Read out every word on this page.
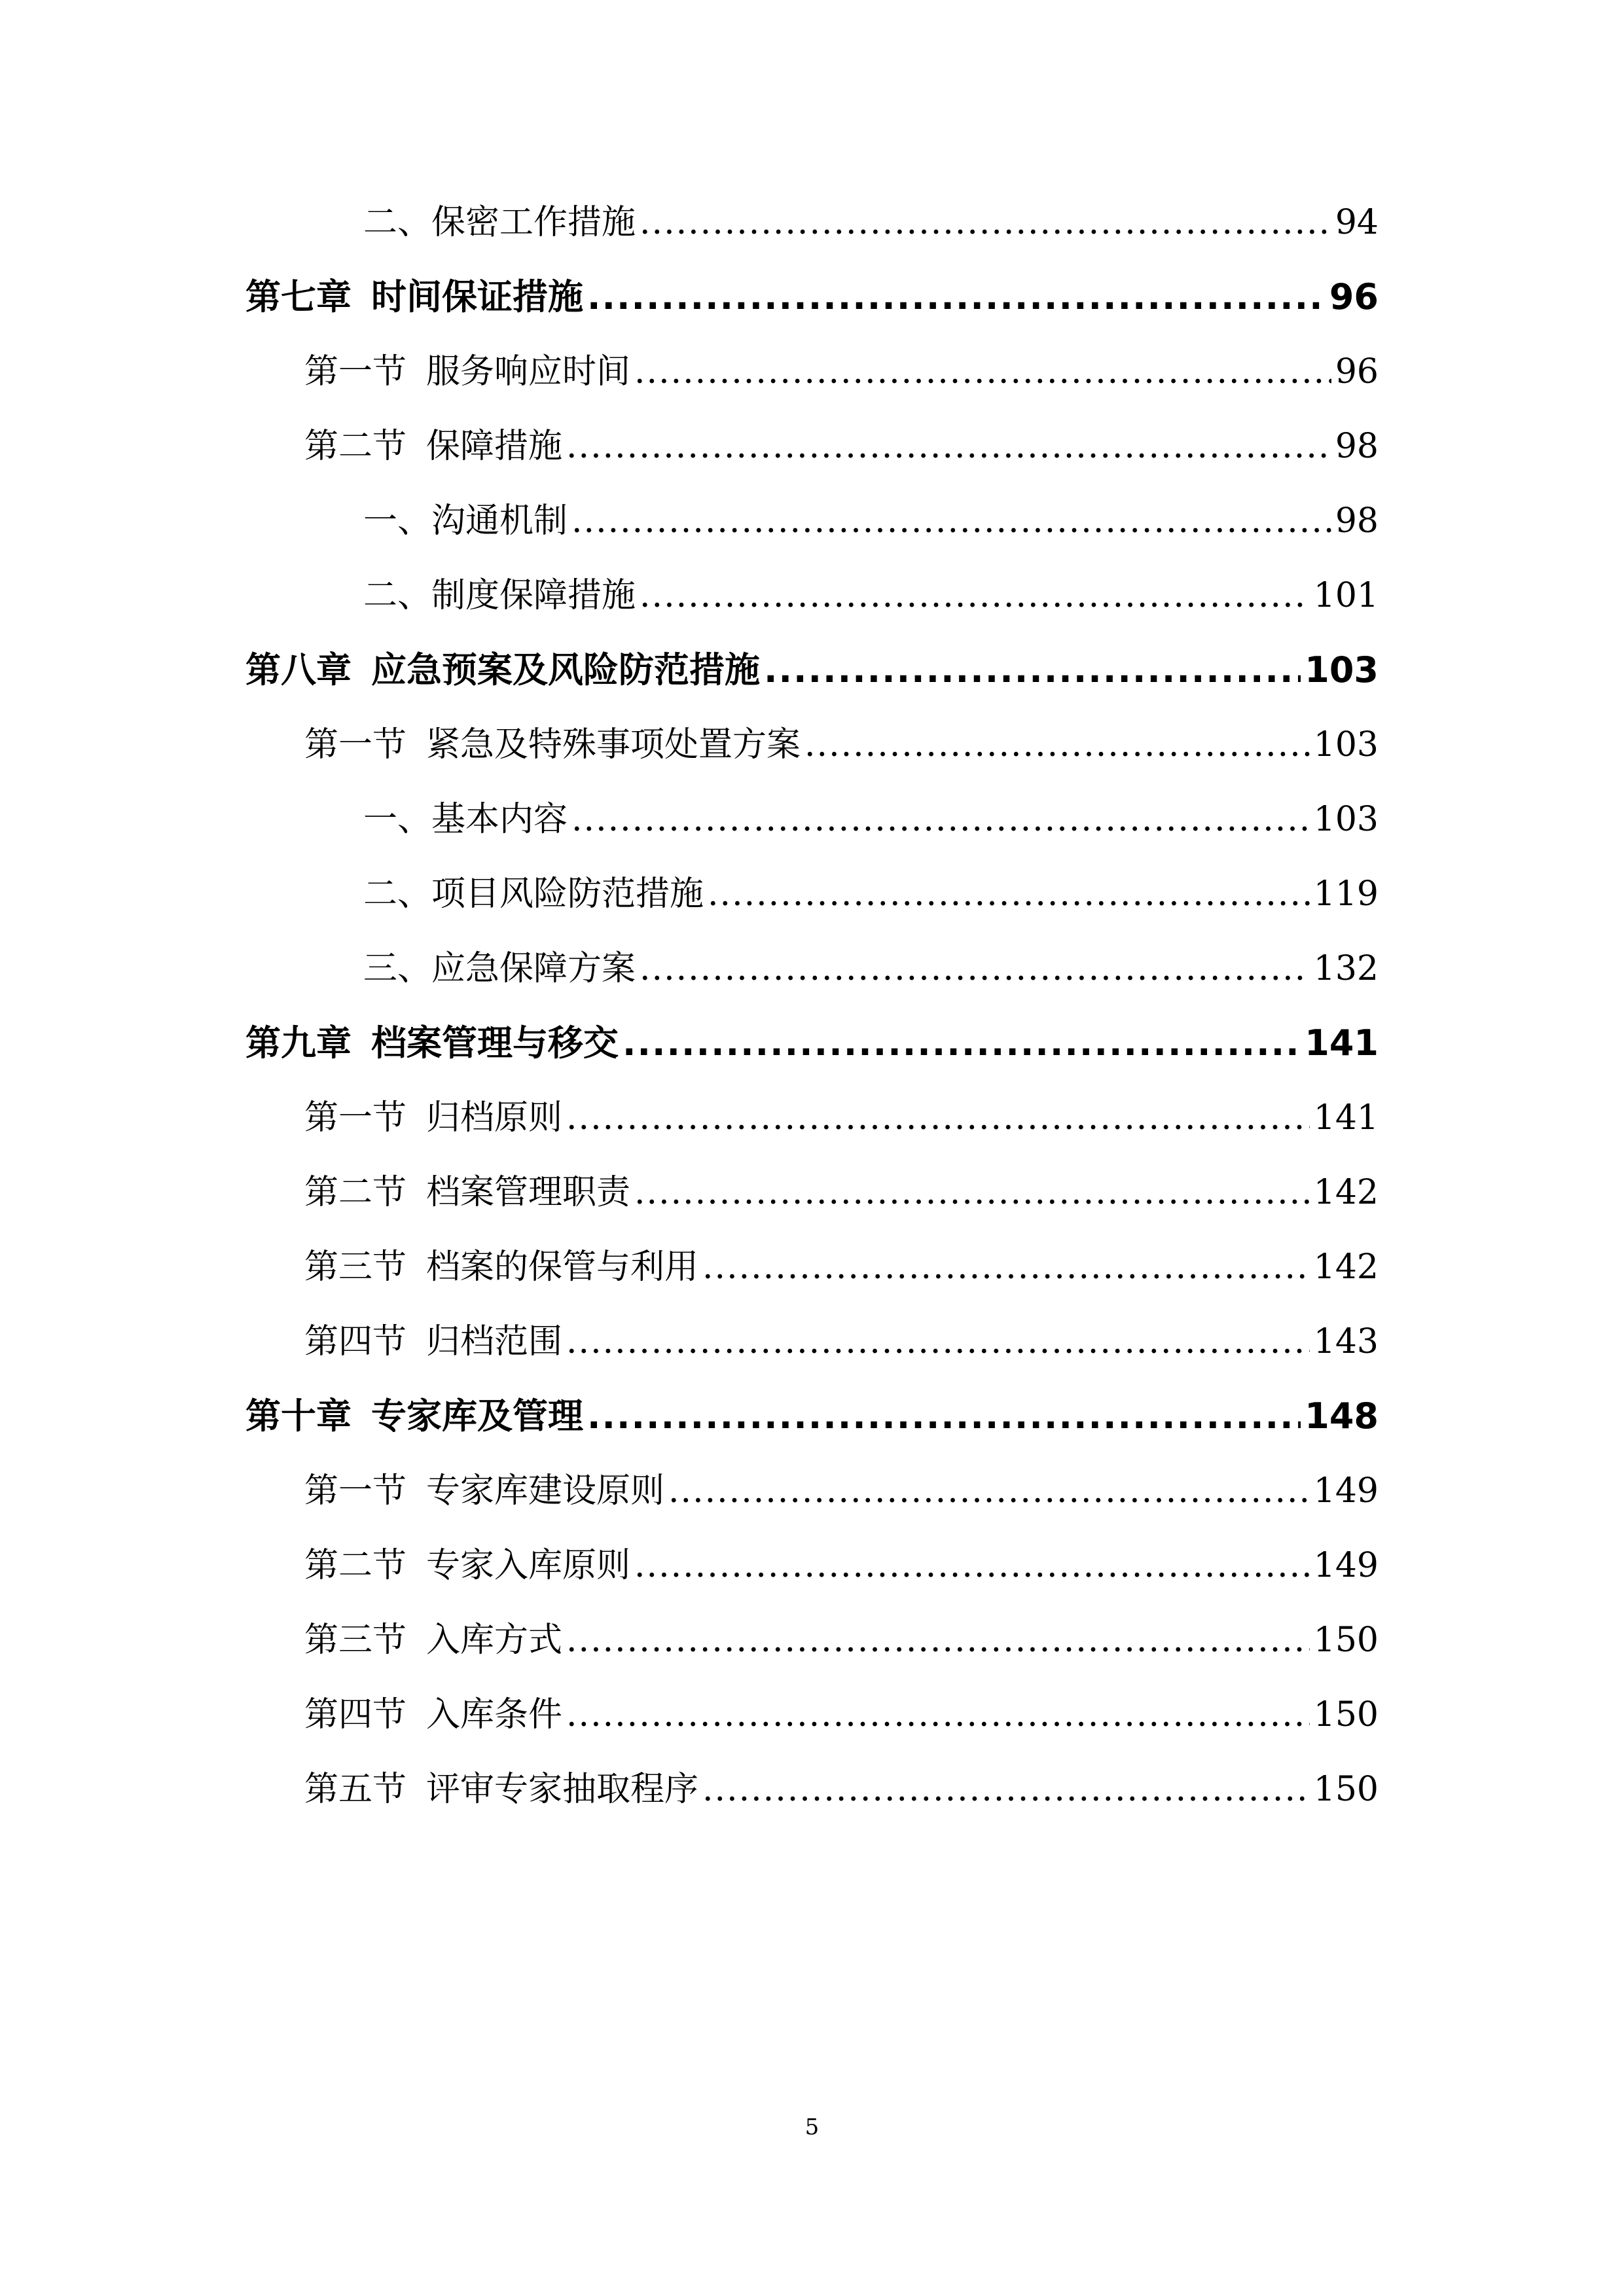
二、 保密工作措施 .....	94
第七章 时间保证措施 .....	96
第一节 服务响应时间 .....	96
第二节 保障措施 .....	98
一、 沟通机制 .....	98
二、 制度保障措施 .....	101
第八章 应急预案及风险防范措施 .....	103
第一节 紧急及特殊事项处置方案 .....	103
一、 基本内容 .....	103
二、 项目风险防范措施 .....	119
三、 应急保障方案 .....	132
第九章 档案管理与移交 .....	141
第一节 归档原则 .....	141
第二节 档案管理职责 .....	142
第三节 档案的保管与利用 .....	142
第四节 归档范围 .....	143
第十章 专家库及管理 .....	148
第一节 专家库建设原则 .....	149
第二节 专家入库原则 .....	149
第三节 入库方式 .....	150
第四节 入库条件 .....	150
第五节 评审专家抽取程序 .....	150
5
